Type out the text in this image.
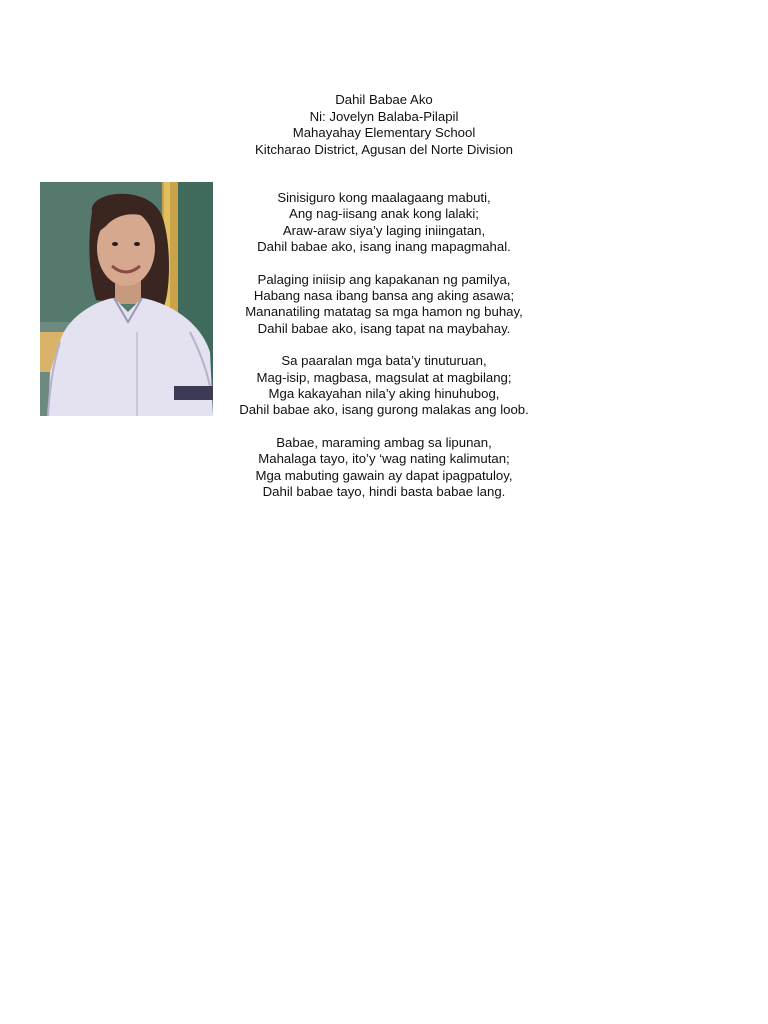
Dahil Babae Ako
Ni: Jovelyn Balaba-Pilapil
Mahayahay Elementary School
Kitcharao District, Agusan del Norte Division
Sinisiguro kong maalagaang mabuti,
Ang nag-iisang anak kong lalaki;
Araw-araw siya’y laging iniingatan,
Dahil babae ako, isang inang mapagmahal.
Palaging iniisip ang kapakanan ng pamilya,
Habang nasa ibang bansa ang aking asawa;
Mananatiling matatag sa mga hamon ng buhay,
Dahil babae ako, isang tapat na maybahay.
Sa paaralan mga bata’y tinuturuan,
Mag-isip, magbasa, magsulat at magbilang;
Mga kakayahan nila’y aking hinuhubog,
Dahil babae ako, isang gurong malakas ang loob.
Babae, maraming ambag sa lipunan,
Mahalaga tayo, ito’y ‘wag nating kalimutan;
Mga mabuting gawain ay dapat ipagpatuloy,
Dahil babae tayo, hindi basta babae lang.
